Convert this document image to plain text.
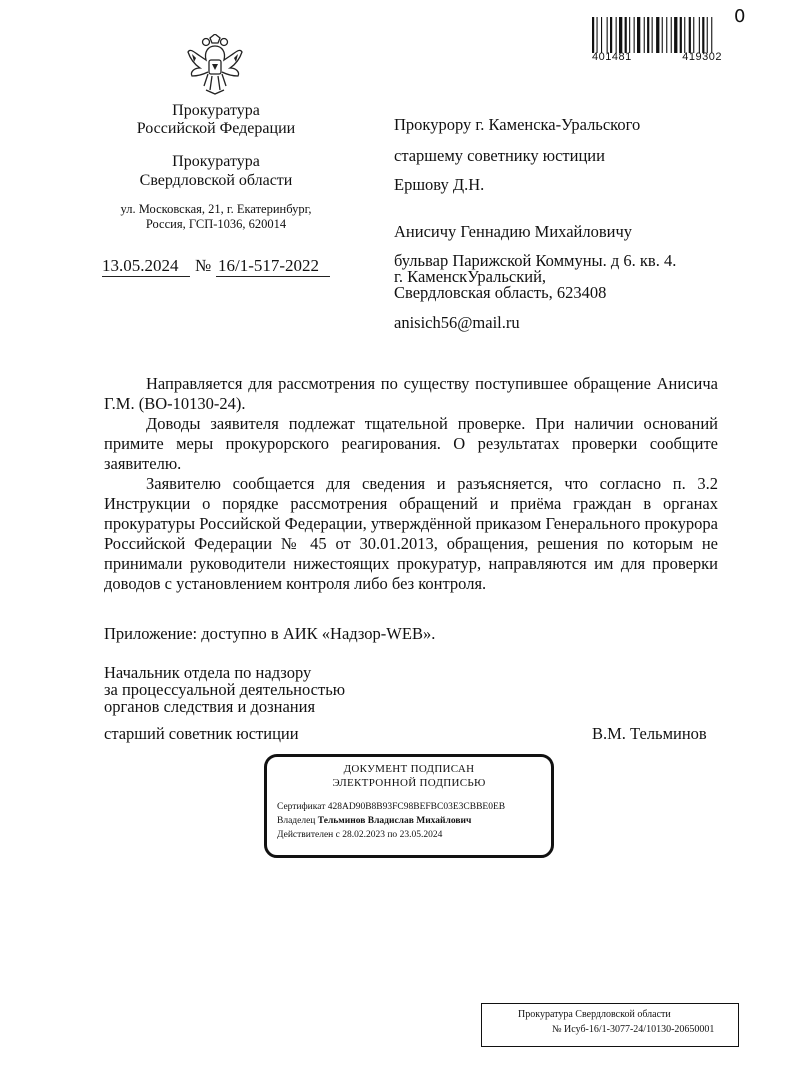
0
401481	419302
Прокуратура
Российской Федерации
Прокуратура
Свердловской области
ул. Московская, 21, г. Екатеринбург,
Россия, ГСП-1036, 620014
13.05.2024 № 16/1-517-2022
Прокурору г. Каменска-Уральского
старшему советнику юстиции
Ершову Д.Н.
Анисичу Геннадию Михайловичу
бульвар Парижской Коммуны. д 6. кв. 4.
г. КаменскУральский,
Свердловская область, 623408
anisich56@mail.ru
Направляется для рассмотрения по существу поступившее обращение Анисича Г.М. (ВО-10130-24).
Доводы заявителя подлежат тщательной проверке. При наличии оснований примите меры прокурорского реагирования. О результатах проверки сообщите заявителю.
Заявителю сообщается для сведения и разъясняется, что согласно п. 3.2 Инструкции о порядке рассмотрения обращений и приёма граждан в органах прокуратуры Российской Федерации, утверждённой приказом Генерального прокурора Российской Федерации № 45 от 30.01.2013, обращения, решения по которым не принимали руководители нижестоящих прокуратур, направляются им для проверки доводов с установлением контроля либо без контроля.
Приложение: доступно в АИК «Надзор-WEB».
Начальник отдела по надзору
за процессуальной деятельностью
органов следствия и дознания
старший советник юстиции	В.М. Тельминов
ДОКУМЕНТ ПОДПИСАН
ЭЛЕКТРОННОЙ ПОДПИСЬЮ
Сертификат 428AD90B8B93FC98BEFBC03E3CBBE0EB
Владелец Тельминов Владислав Михайлович
Действителен с 28.02.2023 по 23.05.2024
Прокуратура Свердловской области
№ Исуб-16/1-3077-24/10130-20650001
